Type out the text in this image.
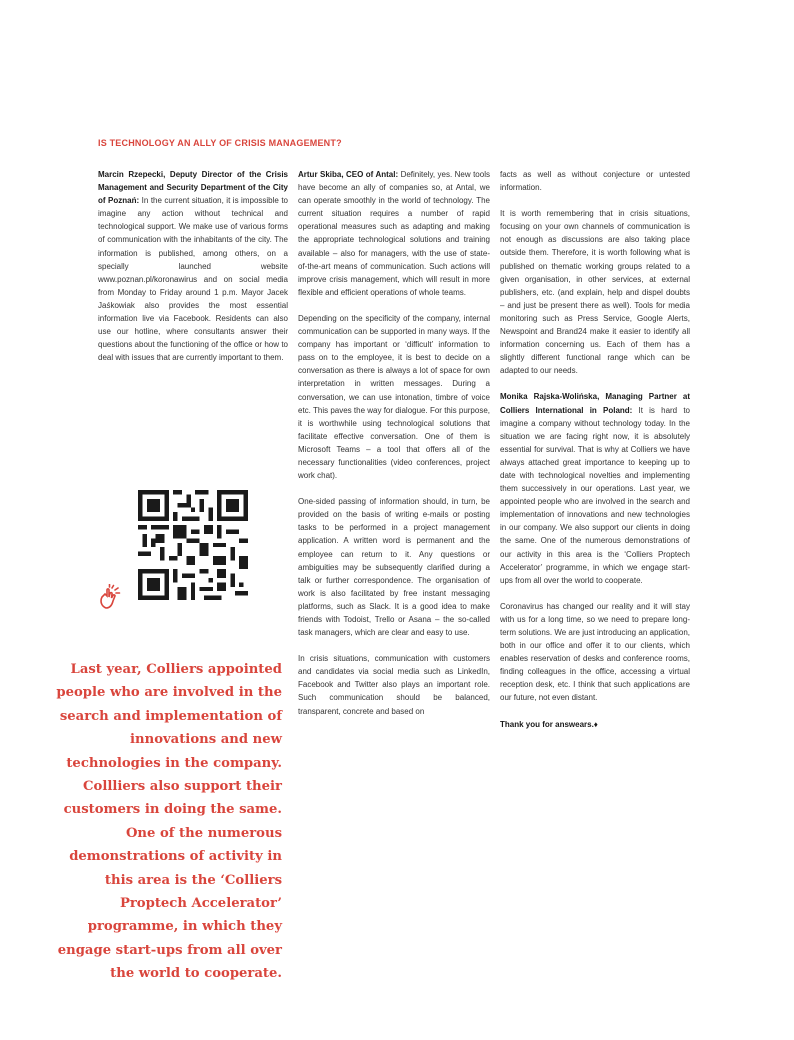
IS TECHNOLOGY AN ALLY OF CRISIS MANAGEMENT?

Marcin Rzepecki, Deputy Director of the Crisis Management and Security Department of the City of Poznań: In the current situation, it is impossible to imagine any action without technical and technological support. We make use of various forms of communication with the inhabitants of the city. The information is published, among others, on a specially launched website www.poznan.pl/koronawirus and on social media from Monday to Friday around 1 p.m. Mayor Jacek Jaśkowiak also provides the most essential information live via Facebook. Residents can also use our hotline, where consultants answer their questions about the functioning of the office or how to deal with issues that are currently important to them.

Last year, Colliers appointed people who are involved in the search and implementation of innovations and new technologies in the company. Collliers also support their customers in doing the same. One of the numerous demonstrations of activity in this area is the ‘Colliers Proptech Accelerator’ programme, in which they engage start-ups from all over the world to cooperate.

Artur Skiba, CEO of Antal: Definitely, yes. New tools have become an ally of companies so, at Antal, we can operate smoothly in the world of technology. The current situation requires a number of rapid operational measures such as adapting and making the appropriate technological solutions and training available – also for managers, with the use of state-of-the-art means of communication. Such actions will improve crisis management, which will result in more flexible and efficient operations of whole teams.

Depending on the specificity of the company, internal communication can be supported in many ways. If the company has important or ‘difficult’ information to pass on to the employee, it is best to decide on a conversation as there is always a lot of space for own interpretation in written messages. During a conversation, we can use intonation, timbre of voice etc. This paves the way for dialogue. For this purpose, it is worthwhile using technological solutions that facilitate effective conversation. One of them is Microsoft Teams – a tool that offers all of the necessary functionalities (video conferences, project work chat).

One-sided passing of information should, in turn, be provided on the basis of writing e-mails or posting tasks to be performed in a project management application. A written word is permanent and the employee can return to it. Any questions or ambiguities may be subsequently clarified during a talk or further correspondence. The organisation of work is also facilitated by free instant messaging platforms, such as Slack. It is a good idea to make friends with Todoist, Trello or Asana – the so-called task managers, which are clear and easy to use.

In crisis situations, communication with customers and candidates via social media such as LinkedIn, Facebook and Twitter also plays an important role. Such communication should be balanced, transparent, concrete and based on

facts as well as without conjecture or untested information.

It is worth remembering that in crisis situations, focusing on your own channels of communication is not enough as discussions are also taking place outside them. Therefore, it is worth following what is published on thematic working groups related to a given organisation, in other services, at external publishers, etc. (and explain, help and dispel doubts – and just be present there as well). Tools for media monitoring such as Press Service, Google Alerts, Newspoint and Brand24 make it easier to identify all information concerning us. Each of them has a slightly different functional range which can be adapted to our needs.

Monika Rajska-Wolińska, Managing Partner at Colliers International in Poland: It is hard to imagine a company without technology today. In the situation we are facing right now, it is absolutely essential for survival. That is why at Colliers we have always attached great importance to keeping up to date with technological novelties and implementing them successively in our operations. Last year, we appointed people who are involved in the search and implementation of innovations and new technologies in our company. We also support our clients in doing the same. One of the numerous demonstrations of our activity in this area is the ‘Colliers Proptech Accelerator’ programme, in which we engage start-ups from all over the world to cooperate.

Coronavirus has changed our reality and it will stay with us for a long time, so we need to prepare long-term solutions. We are just introducing an application, both in our office and offer it to our clients, which enables reservation of desks and conference rooms, finding colleagues in the office, accessing a virtual reception desk, etc. I think that such applications are our future, not even distant.

Thank you for answears.♦
